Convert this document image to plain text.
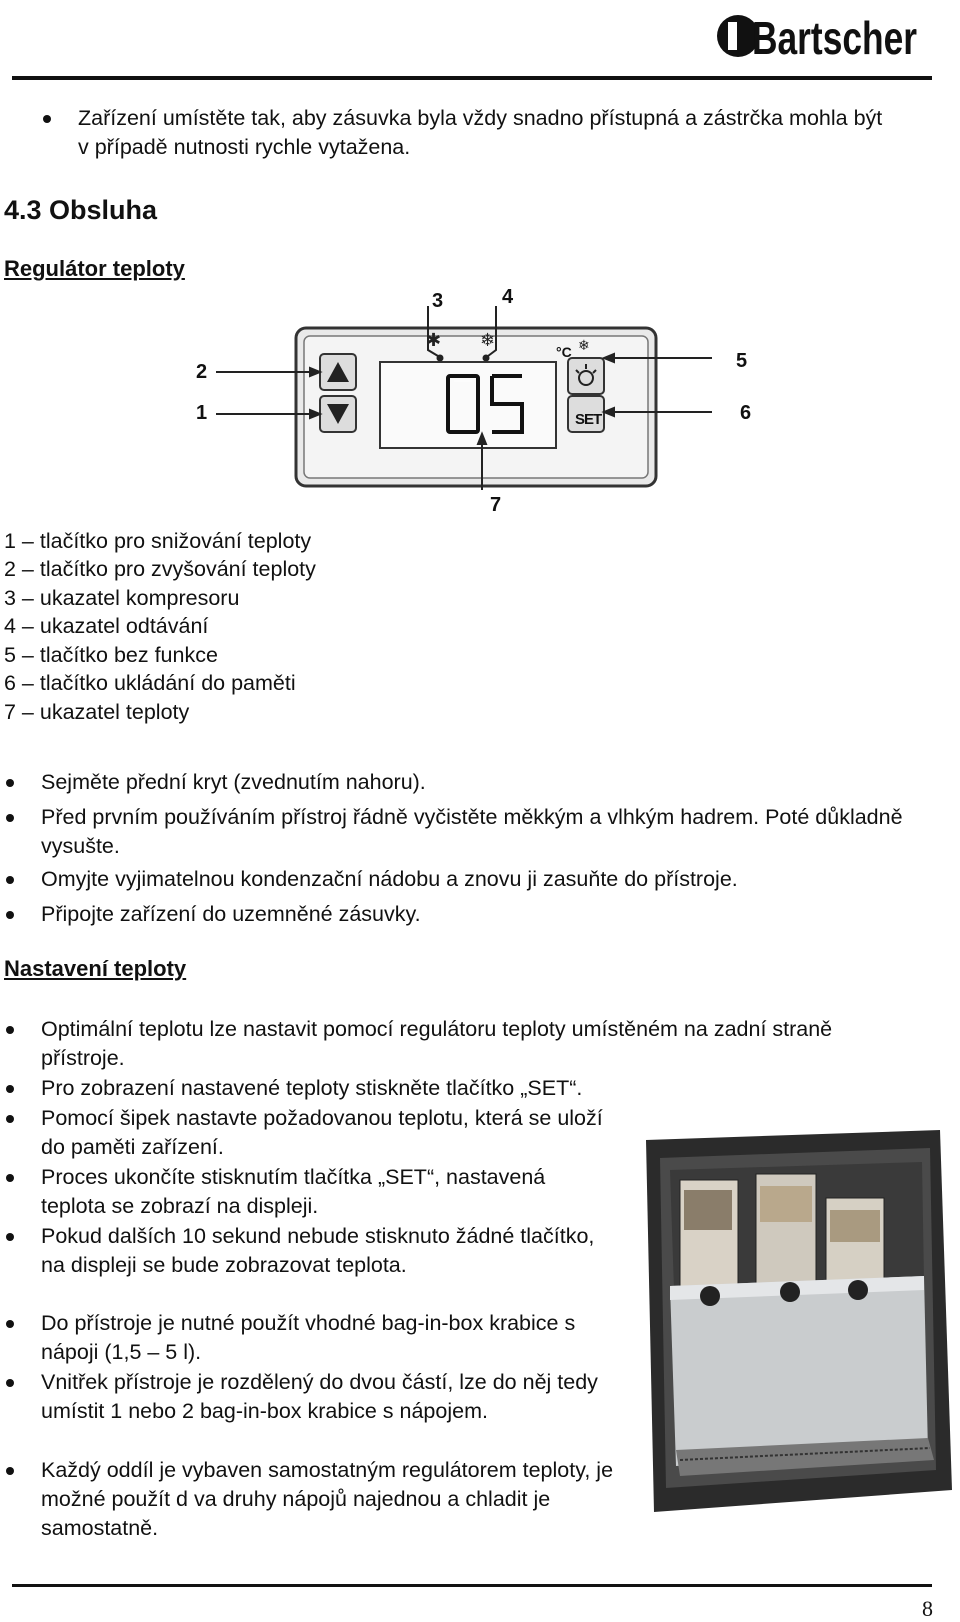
Bartscher
Zařízení umístěte tak, aby zásuvka byla vždy snadno přístupná a zástrčka mohla být v případě nutnosti rychle vytažena.
4.3 Obsluha
Regulátor teploty
✱ ❄	❄
3	4
2
1
5
6
7
°C
SET
1 – tlačítko pro snižování teploty
2 – tlačítko pro zvyšování teploty
3 – ukazatel kompresoru
4 – ukazatel odtávání
5 – tlačítko bez funkce
6 – tlačítko ukládání do paměti
7 – ukazatel teploty
Sejměte přední kryt (zvednutím nahoru).
Před prvním používáním přístroj řádně vyčistěte měkkým a vlhkým hadrem. Poté důkladně vysušte.
Omyjte vyjimatelnou kondenzační nádobu a znovu ji zasuňte do přístroje.
Připojte zařízení do uzemněné zásuvky.
Nastavení teploty
Optimální teplotu lze nastavit pomocí regulátoru teploty umístěném na zadní straně přístroje.
Pro zobrazení nastavené teploty stiskněte tlačítko „SET“.
Pomocí šipek nastavte požadovanou teplotu, která se uloží do paměti zařízení.
Proces ukončíte stisknutím tlačítka „SET“, nastavená teplota se zobrazí na displeji.
Pokud dalších 10 sekund nebude stisknuto žádné tlačítko, na displeji se bude zobrazovat teplota.
Do přístroje je nutné použít vhodné bag-in-box krabice s nápoji (1,5 – 5 l).
Vnitřek přístroje je rozdělený do dvou částí, lze do něj tedy umístit 1 nebo 2 bag-in-box krabice s nápojem.
Každý oddíl je vybaven samostatným regulátorem teploty, je možné použít d va druhy nápojů najednou a chladit je samostatně.
8
